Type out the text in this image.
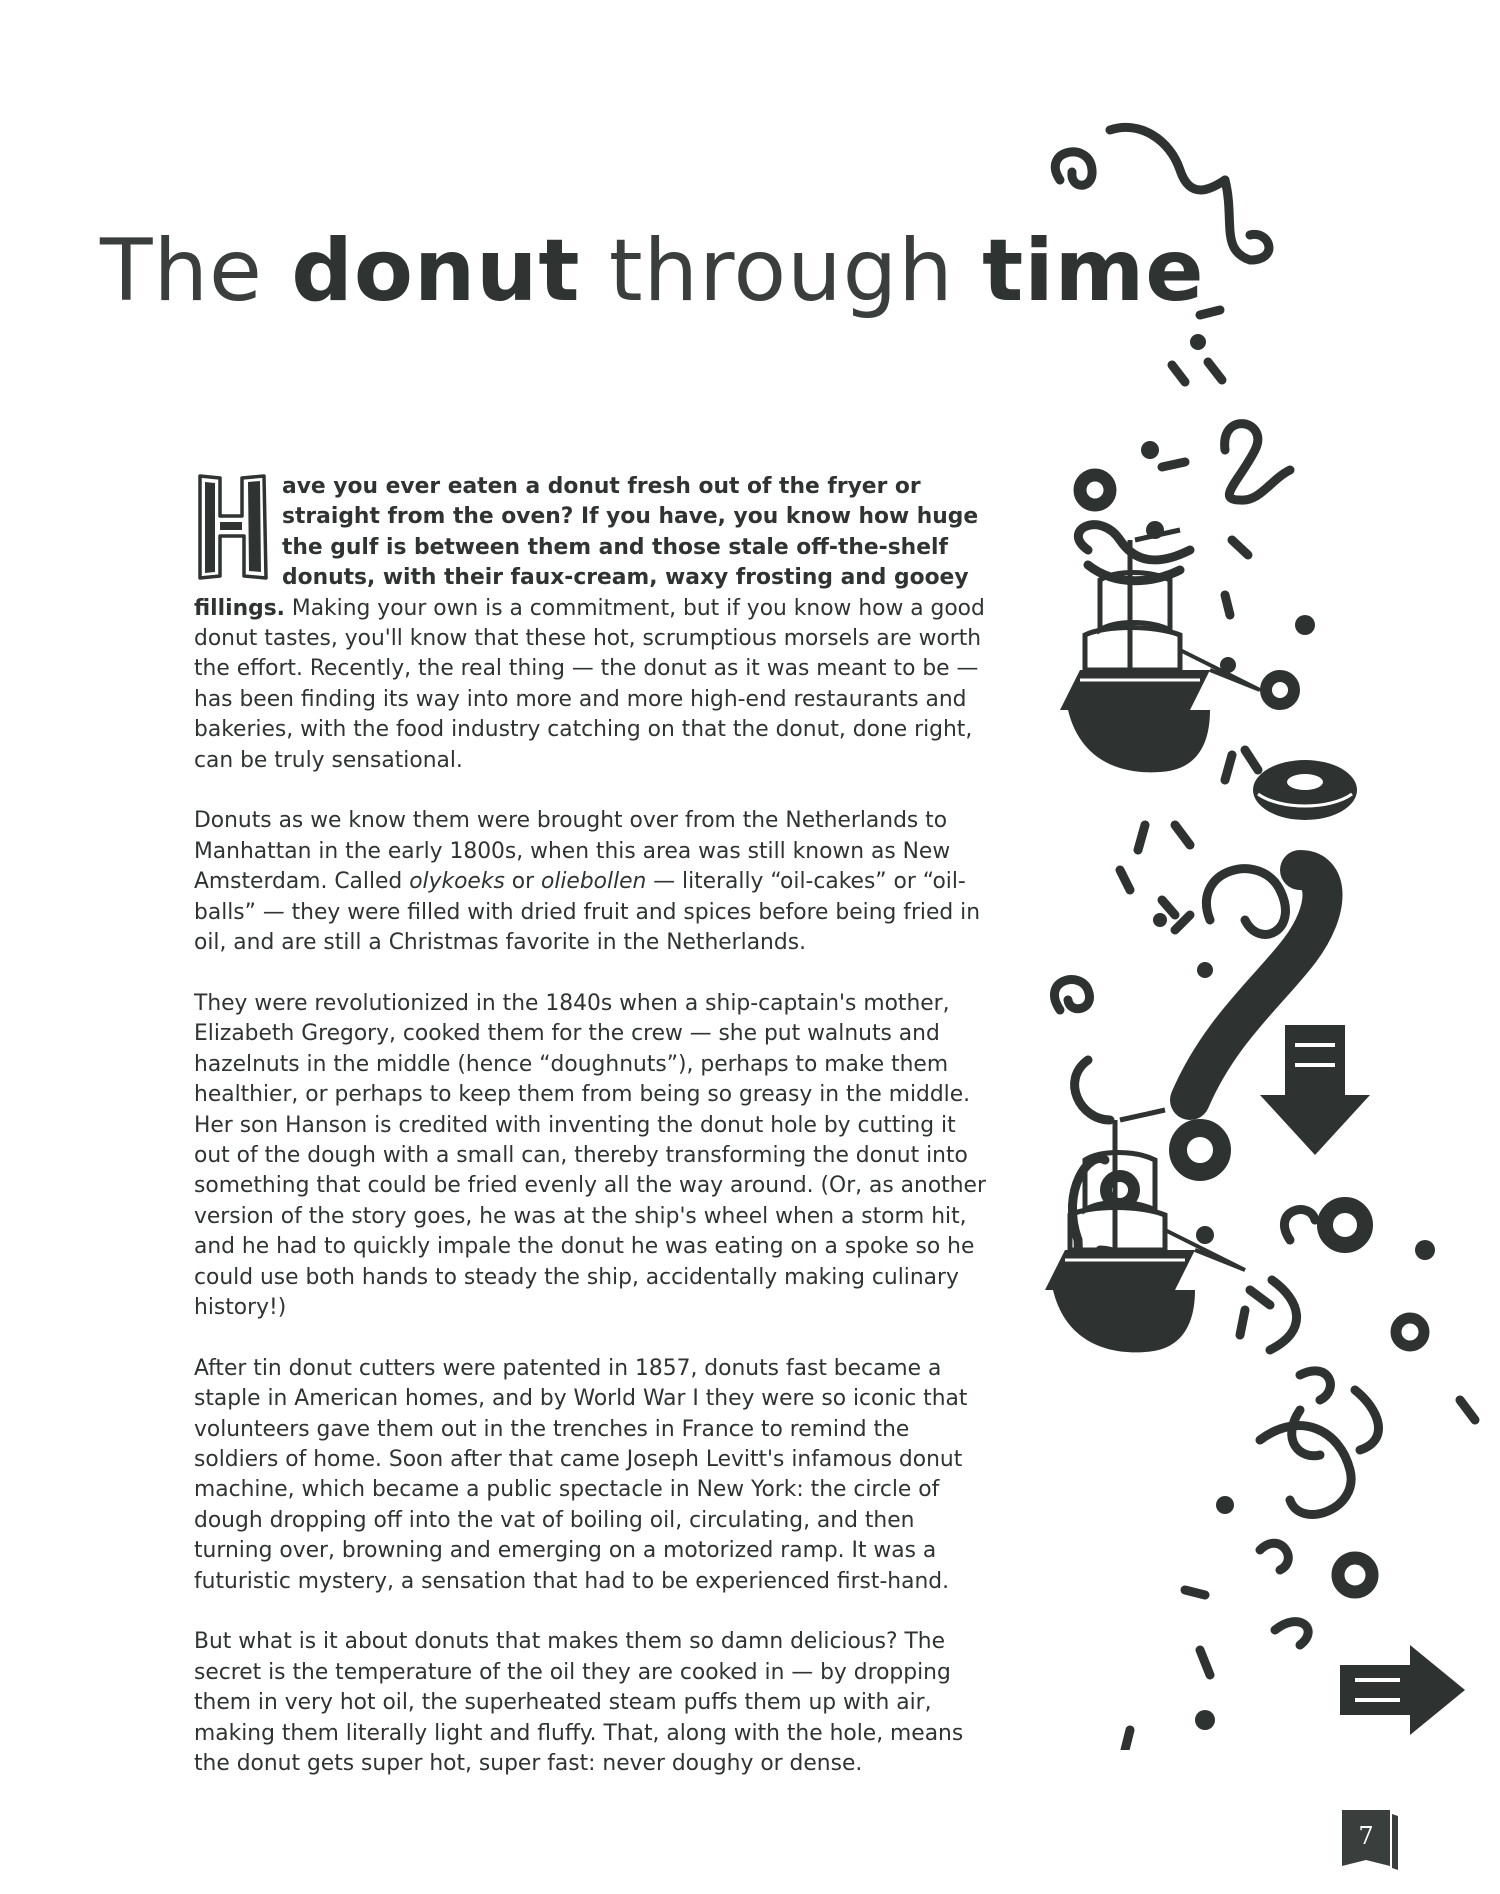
The donut through time

ave you ever eaten a donut fresh out of the fryer or straight from the oven? If you have, you know how huge the gulf is between them and those stale off-the-shelf donuts, with their faux-cream, waxy frosting and gooey fillings. Making your own is a commitment, but if you know how a good donut tastes, you'll know that these hot, scrumptious morsels are worth the effort. Recently, the real thing — the donut as it was meant to be — has been finding its way into more and more high-end restaurants and bakeries, with the food industry catching on that the donut, done right, can be truly sensational.

Donuts as we know them were brought over from the Netherlands to Manhattan in the early 1800s, when this area was still known as New Amsterdam. Called olykoeks or oliebollen — literally “oil-cakes” or “oil-balls” — they were filled with dried fruit and spices before being fried in oil, and are still a Christmas favorite in the Netherlands.

They were revolutionized in the 1840s when a ship-captain's mother, Elizabeth Gregory, cooked them for the crew — she put walnuts and hazelnuts in the middle (hence “doughnuts”), perhaps to make them healthier, or perhaps to keep them from being so greasy in the middle. Her son Hanson is credited with inventing the donut hole by cutting it out of the dough with a small can, thereby transforming the donut into something that could be fried evenly all the way around. (Or, as another version of the story goes, he was at the ship's wheel when a storm hit, and he had to quickly impale the donut he was eating on a spoke so he could use both hands to steady the ship, accidentally making culinary history!)

After tin donut cutters were patented in 1857, donuts fast became a staple in American homes, and by World War I they were so iconic that volunteers gave them out in the trenches in France to remind the soldiers of home. Soon after that came Joseph Levitt's infamous donut machine, which became a public spectacle in New York: the circle of dough dropping off into the vat of boiling oil, circulating, and then turning over, browning and emerging on a motorized ramp. It was a futuristic mystery, a sensation that had to be experienced first-hand.

But what is it about donuts that makes them so damn delicious? The secret is the temperature of the oil they are cooked in — by dropping them in very hot oil, the superheated steam puffs them up with air, making them literally light and fluffy. That, along with the hole, means the donut gets super hot, super fast: never doughy or dense.

7
